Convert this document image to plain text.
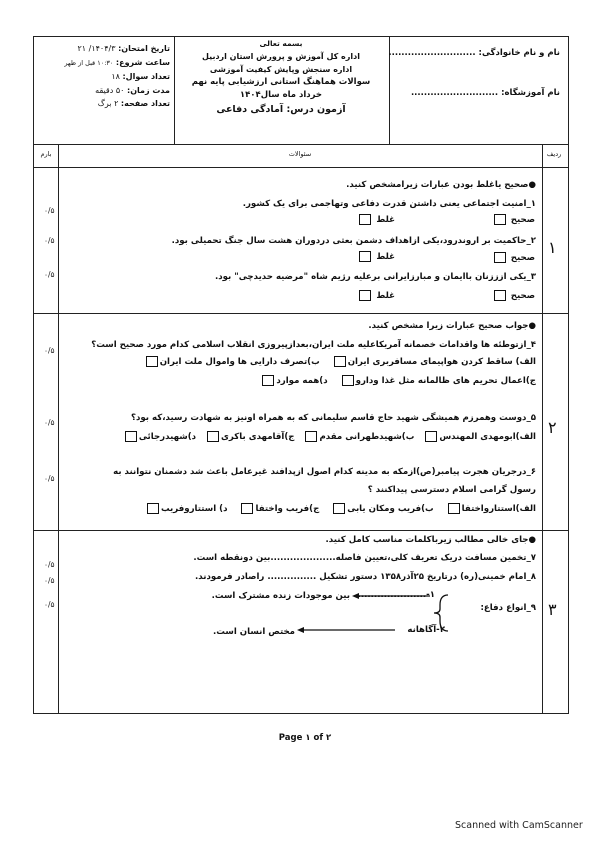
تاریخ امتحان: ۱۴۰۴/۳/ ۲۱
ساعت شروع: ۱۰:۳۰ قبل از ظهر
تعداد سوال: ۱۸
مدت زمان: ۵۰ دقیقه
تعداد صفحه: ۲ برگ
بسمه تعالی
اداره کل آموزش و پرورش استان اردبیل
اداره سنجش وپایش کیفیت آموزشی
سوالات هماهنگ استانی ارزشیابی پایه نهم
خرداد ماه سال۱۴۰۴
آزمون درس: آمادگی دفاعی
نام و نام خانوادگی: ...........................
نام آموزشگاه: ...........................
بارم	سئوالات	ردیف
۱
●صحیح یاغلط بودن عبارات زیرامشخص کنید.
۱_امنیت اجتماعی یعنی داشتن قدرت دفاعی وتهاجمی برای یک کشور.
۰/۵
غلط	صحیح
۲_حاکمیت بر اروندرود،یکی ازاهداف دشمن بعثی دردوران هشت سال جنگ تحمیلی بود.
۰/۵
غلط	صحیح
۳_یکی ازززنان باایمان و مبارزایرانی برعلیه رژیم شاه "مرضیه حدیدچی" بود.
۰/۵
غلط	صحیح
۲
●جواب صحیح عبارات زیرا مشخص کنید.
۴_ازتوطئه ها واقدامات خصمانه آمریکاعلیه ملت ایران،بعدازپیروزی انقلاب اسلامی کدام مورد صحیح است؟
۰/۵
الف) ساقط کردن هواپیمای مسافربری ایران    ب)تصرف دارایی ها واموال ملت ایران
ج)اعمال تحریم های ظالمانه مثل غذا ودارو    د)همه موارد
۵_دوست وهمرزم همیشگی شهید حاج قاسم سلیمانی که به همراه اونیز به شهادت رسید،که بود؟
۰/۵
الف)ابومهدی المهندس   ب)شهیدطهرانی مقدم   ج)آقامهدی باکری   د)شهیدرجائی
۶_درجریان هجرت پیامبر(ص)ازمکه به مدینه کدام اصول ازپدافند غیرعامل باعث شد دشمنان نتوانند به
رسول گرامی اسلام دسترسی پیداکنند ؟
۰/۵
الف)استتارواختفا    ب)فریب ومکان یابی    ج)فریب واختفا    د) استتاروفریب
۳
●جای خالی مطالب زیرباکلمات مناسب کامل کنید.
۷_تخمین مسافت دریک تعریف کلی،تعیین فاصله....................بین دونقطه است.
۰/۵
۸_امام خمینی(ره) درتاریخ ۲۵آذر۱۳۵۸ دستور تشکیل ............... راصادر فرمودند.
۰/۵
۹_انواع دفاع:
۰/۵
۱-......................
بین موجودات زنده مشترک است.
۲-آگاهانه
مختص انسان است.
Page ۱ of ۲
Scanned with CamScanner
